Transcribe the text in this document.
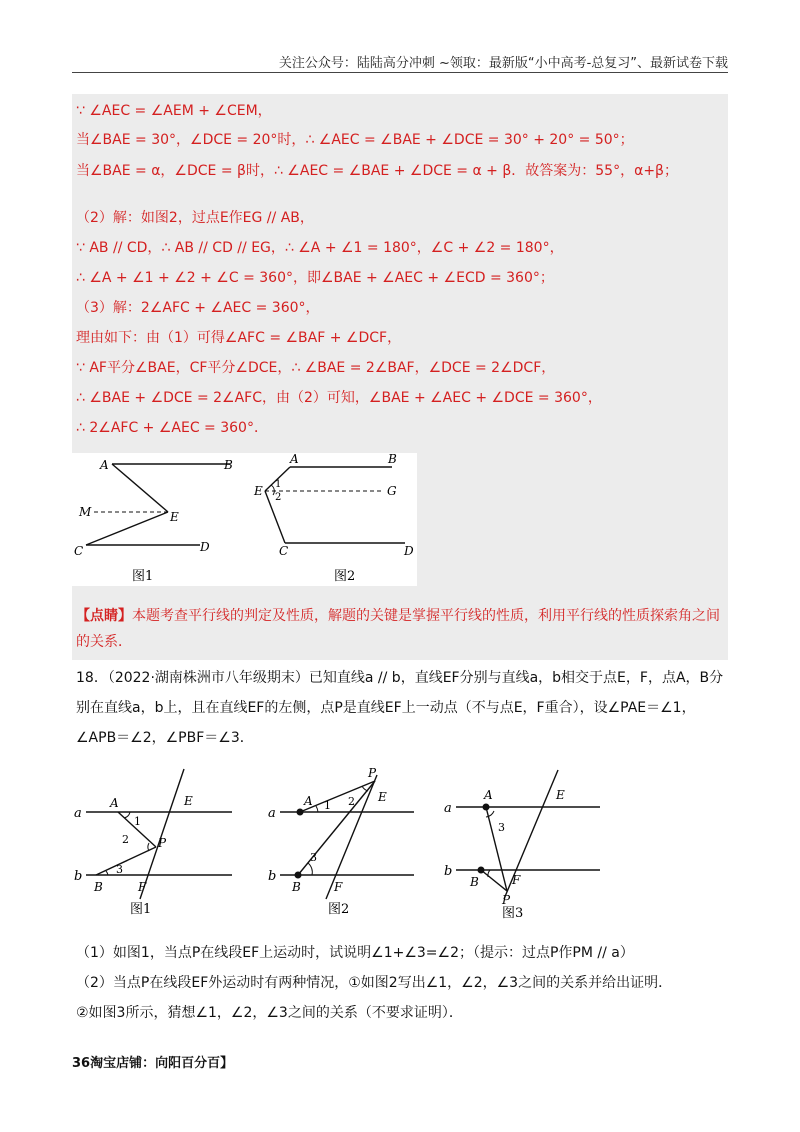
关注公众号：陆陆高分冲刺 ~领取：最新版“小中高考-总复习”、最新试卷下载
∵ ∠AEC = ∠AEM + ∠CEM，
当∠BAE = 30°，∠DCE = 20°时，∴ ∠AEC = ∠BAE + ∠DCE = 30° + 20° = 50°；
当∠BAE = α，∠DCE = β时，∴ ∠AEC = ∠BAE + ∠DCE = α + β．故答案为：55°，α+β；
（2）解：如图2，过点E作EG // AB，
∵ AB // CD，∴ AB // CD // EG，∴ ∠A + ∠1 = 180°，∠C + ∠2 = 180°，
∴ ∠A + ∠1 + ∠2 + ∠C = 360°，即∠BAE + ∠AEC + ∠ECD = 360°；
（3）解：2∠AFC + ∠AEC = 360°，
理由如下：由（1）可得∠AFC = ∠BAF + ∠DCF，
∵ AF平分∠BAE，CF平分∠DCE，∴ ∠BAE = 2∠BAF，∠DCE = 2∠DCF，
∴ ∠BAE + ∠DCE = 2∠AFC，由（2）可知，∠BAE + ∠AEC + ∠DCE = 360°，
∴ 2∠AFC + ∠AEC = 360°．
A	B
M	E
C	D
图1
A	B
E 1
2	G
C	D
图2
【点睛】本题考查平行线的判定及性质，解题的关键是掌握平行线的性质，利用平行线的性质探索角之间的关系．
18．（2022·湖南株洲市八年级期末）已知直线a // b，直线EF分别与直线a，b相交于点E，F，点A，B分别在直线a，b上，且在直线EF的左侧，点P是直线EF上一动点（不与点E，F重合），设∠PAE＝∠1，∠APB＝∠2，∠PBF＝∠3．
a
b
A	E
1
2 P
3
B	F
图1
a
b
A 1 2
P
E
3
B	F
图2
a
b
A	E
3
B	F
P
图3
（1）如图1，当点P在线段EF上运动时，试说明∠1+∠3=∠2；（提示：过点P作PM // a）
（2）当点P在线段EF外运动时有两种情况，①如图2写出∠1，∠2，∠3之间的关系并给出证明．
②如图3所示，猜想∠1，∠2，∠3之间的关系（不要求证明）．
36淘宝店铺：向阳百分百】
